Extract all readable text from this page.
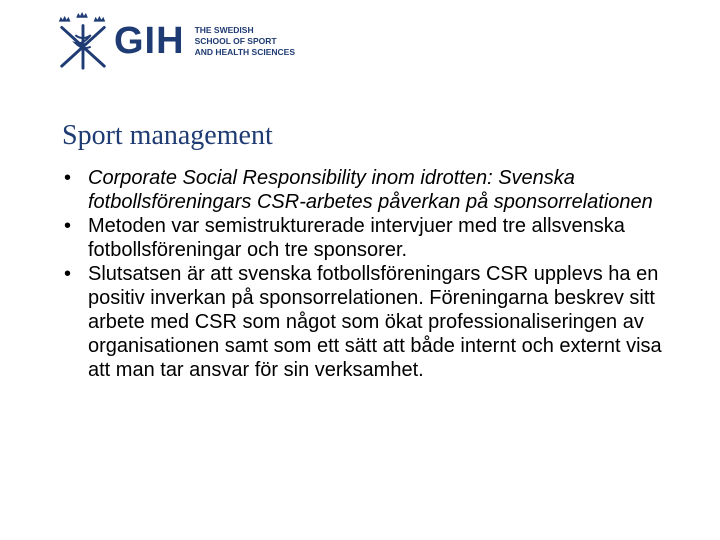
GIH THE SWEDISH
SCHOOL OF SPORT
AND HEALTH SCIENCES
Sport management
• Corporate Social Responsibility inom idrotten: Svenska fotbollsföreningars CSR-arbetes påverkan på sponsorrelationen
• Metoden var semistrukturerade intervjuer med tre allsvenska fotbollsföreningar och tre sponsorer.
• Slutsatsen är att svenska fotbollsföreningars CSR upplevs ha en positiv inverkan på sponsorrelationen. Föreningarna beskrev sitt arbete med CSR som något som ökat professionaliseringen av organisationen samt som ett sätt att både internt och externt visa att man tar ansvar för sin verksamhet.
